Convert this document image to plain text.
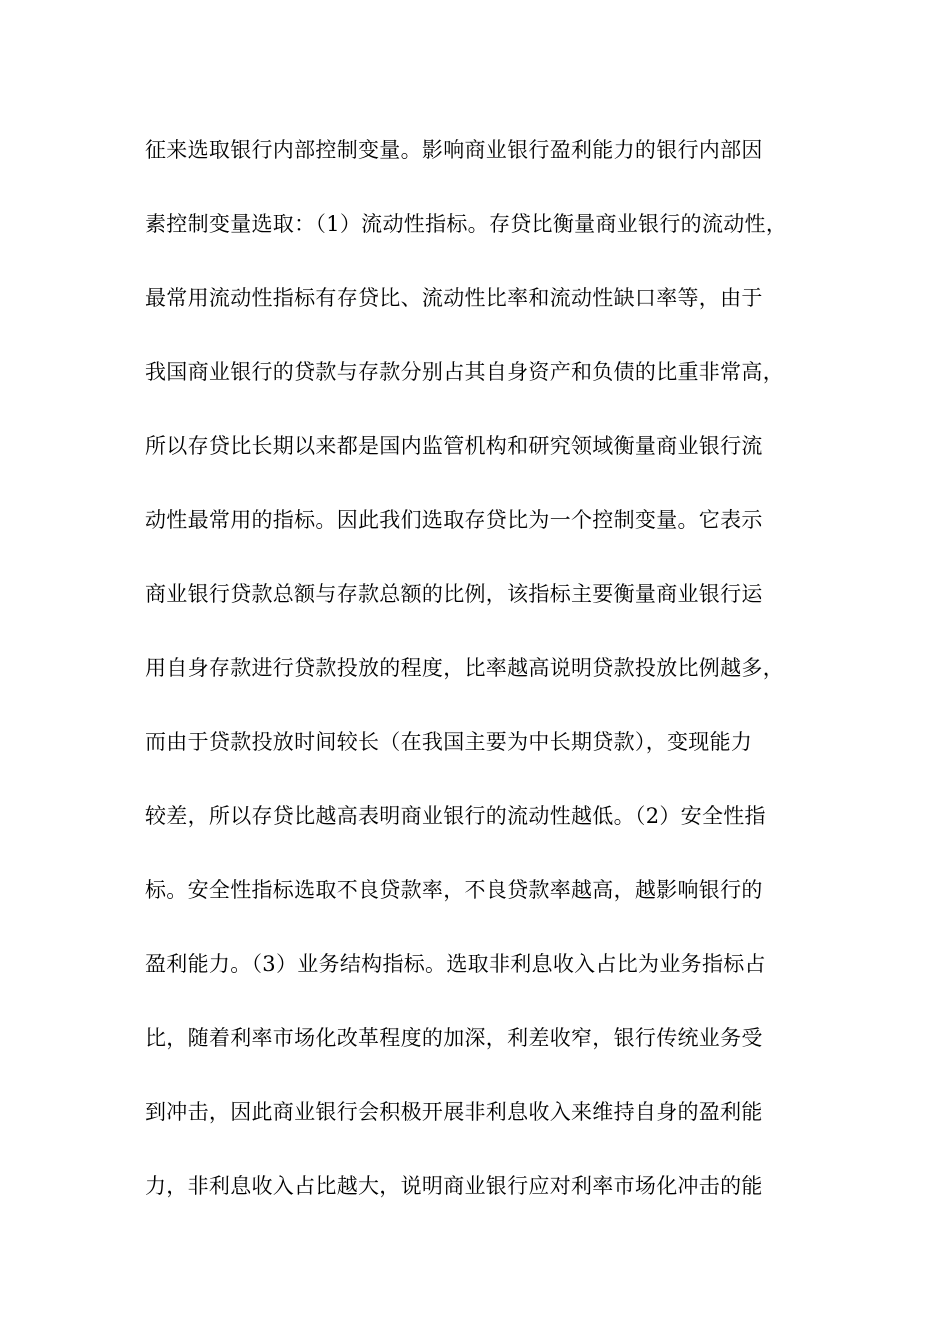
征来选取银行内部控制变量。影响商业银行盈利能力的银行内部因
素控制变量选取：（1）流动性指标。存贷比衡量商业银行的流动性，
最常用流动性指标有存贷比、流动性比率和流动性缺口率等，由于
我国商业银行的贷款与存款分别占其自身资产和负债的比重非常高，
所以存贷比长期以来都是国内监管机构和研究领域衡量商业银行流
动性最常用的指标。因此我们选取存贷比为一个控制变量。它表示
商业银行贷款总额与存款总额的比例，该指标主要衡量商业银行运
用自身存款进行贷款投放的程度，比率越高说明贷款投放比例越多，
而由于贷款投放时间较长（在我国主要为中长期贷款），变现能力
较差，所以存贷比越高表明商业银行的流动性越低。（2）安全性指
标。安全性指标选取不良贷款率，不良贷款率越高，越影响银行的
盈利能力。（3）业务结构指标。选取非利息收入占比为业务指标占
比，随着利率市场化改革程度的加深，利差收窄，银行传统业务受
到冲击，因此商业银行会积极开展非利息收入来维持自身的盈利能
力，非利息收入占比越大，说明商业银行应对利率市场化冲击的能
